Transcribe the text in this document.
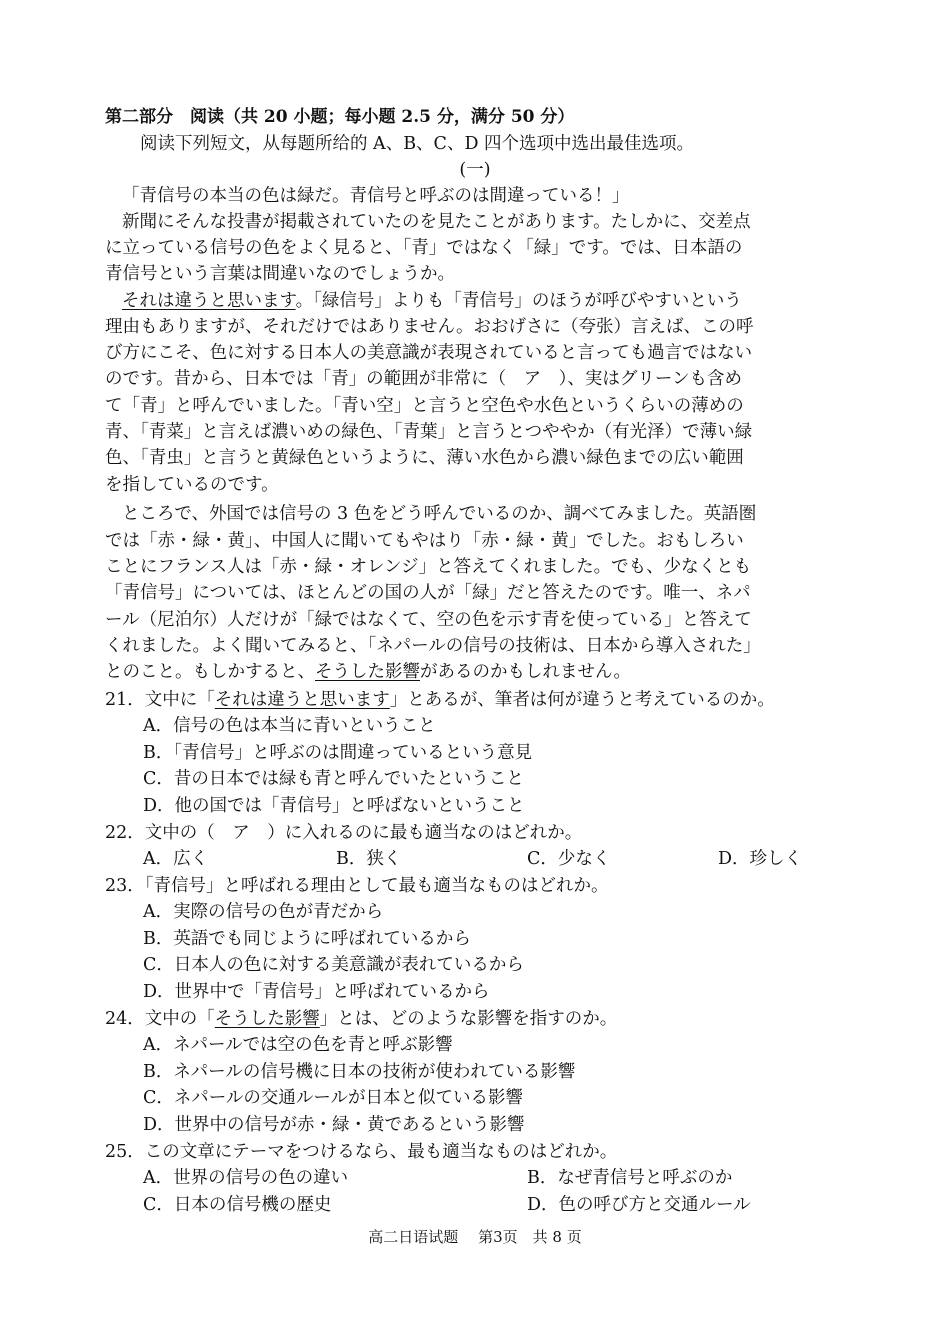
第二部分　阅读（共 20 小题；每小题 2.5 分，满分 50 分）
阅读下列短文，从每题所给的 A、B、C、D 四个选项中选出最佳选项。
(一)
「青信号の本当の色は緑だ。青信号と呼ぶのは間違っている！」
新聞にそんな投書が掲載されていたのを見たことがあります。たしかに、交差点
に立っている信号の色をよく見ると、「青」ではなく「緑」です。では、日本語の
青信号という言葉は間違いなのでしょうか。
それは違うと思います。「緑信号」よりも「青信号」のほうが呼びやすいという
理由もありますが、それだけではありません。おおげさに（夸张）言えば、この呼
び方にこそ、色に対する日本人の美意識が表現されていると言っても過言ではない
のです。昔から、日本では「青」の範囲が非常に（　ア　）、実はグリーンも含め
て「青」と呼んでいました。「青い空」と言うと空色や水色というくらいの薄めの
青、「青菜」と言えば濃いめの緑色、「青葉」と言うとつややか（有光泽）で薄い緑
色、「青虫」と言うと黄緑色というように、薄い水色から濃い緑色までの広い範囲
を指しているのです。
ところで、外国では信号の 3 色をどう呼んでいるのか、調べてみました。英語圏
では「赤・緑・黄」、中国人に聞いてもやはり「赤・緑・黄」でした。おもしろい
ことにフランス人は「赤・緑・オレンジ」と答えてくれました。でも、少なくとも
「青信号」については、ほとんどの国の人が「緑」だと答えたのです。唯一、ネパ
ール（尼泊尔）人だけが「緑ではなくて、空の色を示す青を使っている」と答えて
くれました。よく聞いてみると、「ネパールの信号の技術は、日本から導入された」
とのこと。もしかすると、そうした影響があるのかもしれません。
21．文中に「それは違うと思います」とあるが、筆者は何が違うと考えているのか。
A．信号の色は本当に青いということ
B．「青信号」と呼ぶのは間違っているという意見
C．昔の日本では緑も青と呼んでいたということ
D．他の国では「青信号」と呼ばないということ
22．文中の（　ア　）に入れるのに最も適当なのはどれか。
A．広く	B．狭く	C．少なく	D．珍しく
23．「青信号」と呼ばれる理由として最も適当なものはどれか。
A．実際の信号の色が青だから
B．英語でも同じように呼ばれているから
C．日本人の色に対する美意識が表れているから
D．世界中で「青信号」と呼ばれているから
24．文中の「そうした影響」とは、どのような影響を指すのか。
A．ネパールでは空の色を青と呼ぶ影響
B．ネパールの信号機に日本の技術が使われている影響
C．ネパールの交通ルールが日本と似ている影響
D．世界中の信号が赤・緑・黄であるという影響
25．この文章にテーマをつけるなら、最も適当なものはどれか。
A．世界の信号の色の違い	B．なぜ青信号と呼ぶのか
C．日本の信号機の歴史	D．色の呼び方と交通ルール
高二日语试题　 第3页　共 8 页
